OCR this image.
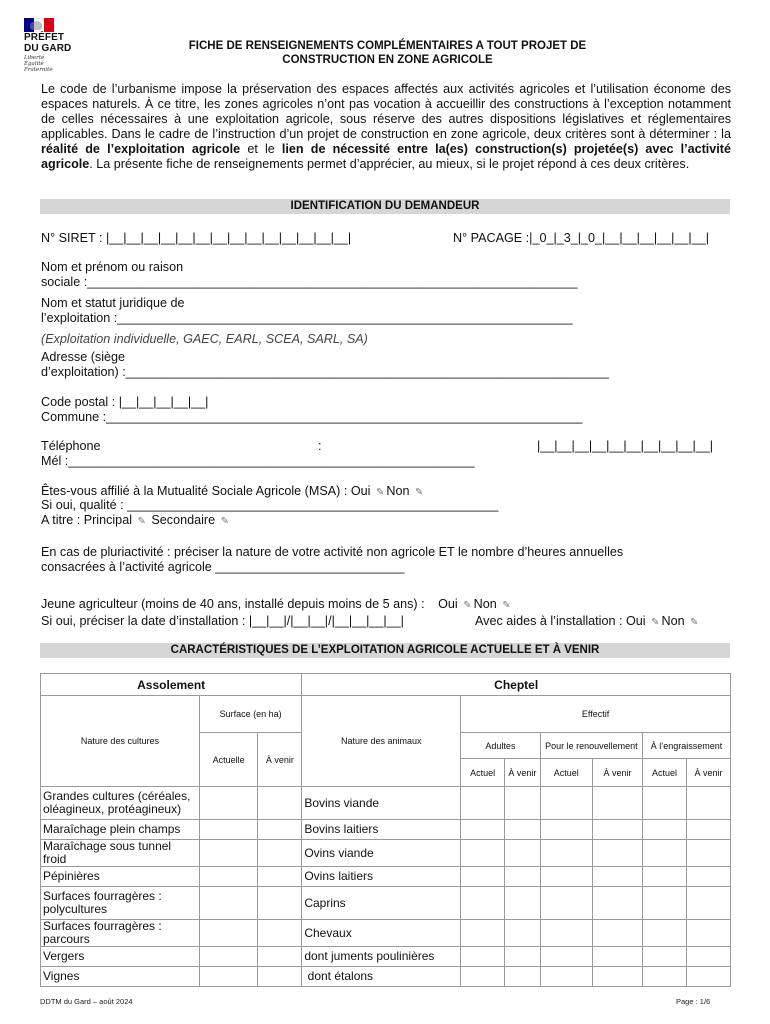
PRÉFET
DU GARD
Liberté
Égalité
Fraternité
FICHE DE RENSEIGNEMENTS COMPLÉMENTAIRES A TOUT PROJET DE
CONSTRUCTION EN ZONE AGRICOLE
Le code de l’urbanisme impose la préservation des espaces affectés aux activités agricoles et l’utilisation économe des espaces naturels. À ce titre, les zones agricoles n’ont pas vocation à accueillir des constructions à l’exception notamment de celles nécessaires à une exploitation agricole, sous réserve des autres dispositions législatives et réglementaires applicables. Dans le cadre de l’instruction d’un projet de construction en zone agricole, deux critères sont à déterminer : la réalité de l’exploitation agricole et le lien de nécessité entre la(es) construction(s) projetée(s) avec l’activité agricole. La présente fiche de renseignements permet d’apprécier, au mieux, si le projet répond à ces deux critères.
IDENTIFICATION DU DEMANDEUR
N° SIRET : |__|__|__|__|__|__|__|__|__|__|__|__|__|__|	N° PACAGE :|_0_|_3_|_0_|__|__|__|__|__|__|
Nom et prénom ou raison
sociale :______________________________________________________________________
Nom et statut juridique de
l’exploitation :_________________________________________________________________
(Exploitation individuelle, GAEC, EARL, SCEA, SARL, SA)
Adresse (siège
d’exploitation) :_____________________________________________________________________
Code postal : |__|__|__|__|__|
Commune :____________________________________________________________________
Téléphone	:	|__|__|__|__|__|__|__|__|__|__|
Mél :__________________________________________________________
Êtes-vous affilié à la Mutualité Sociale Agricole (MSA) : Oui ✎ Non ✎
Si oui, qualité : _____________________________________________________
A titre : Principal ✎ Secondaire ✎
En cas de pluriactivité : préciser la nature de votre activité non agricole ET le nombre d’heures annuelles
consacrées à l’activité agricole ___________________________
Jeune agriculteur (moins de 40 ans, installé depuis moins de 5 ans) : Oui ✎ Non ✎
Si oui, préciser la date d’installation : |__|__|/|__|__|/|__|__|__|__|	Avec aides à l’installation : Oui ✎ Non ✎
CARACTÉRISTIQUES DE L’EXPLOITATION AGRICOLE ACTUELLE ET À VENIR
Assolement			Cheptel						
Nature des cultures	Surface (en ha)		Nature des animaux	Effectif					
	Actuelle	À venir		Adultes		Pour le renouvellement		À l’engraissement	
				Actuel	À venir	Actuel	À venir	Actuel	À venir
Grandes cultures (céréales, oléagineux, protéagineux)			Bovins viande						
Maraîchage plein champs			Bovins laitiers						
Maraîchage sous tunnel froid			Ovins viande						
Pépinières			Ovins laitiers						
Surfaces fourragères : polycultures			Caprins						
Surfaces fourragères : parcours			Chevaux						
Vergers			dont juments poulinières						
Vignes			dont étalons						
DDTM du Gard – août 2024	Page : 1/6
